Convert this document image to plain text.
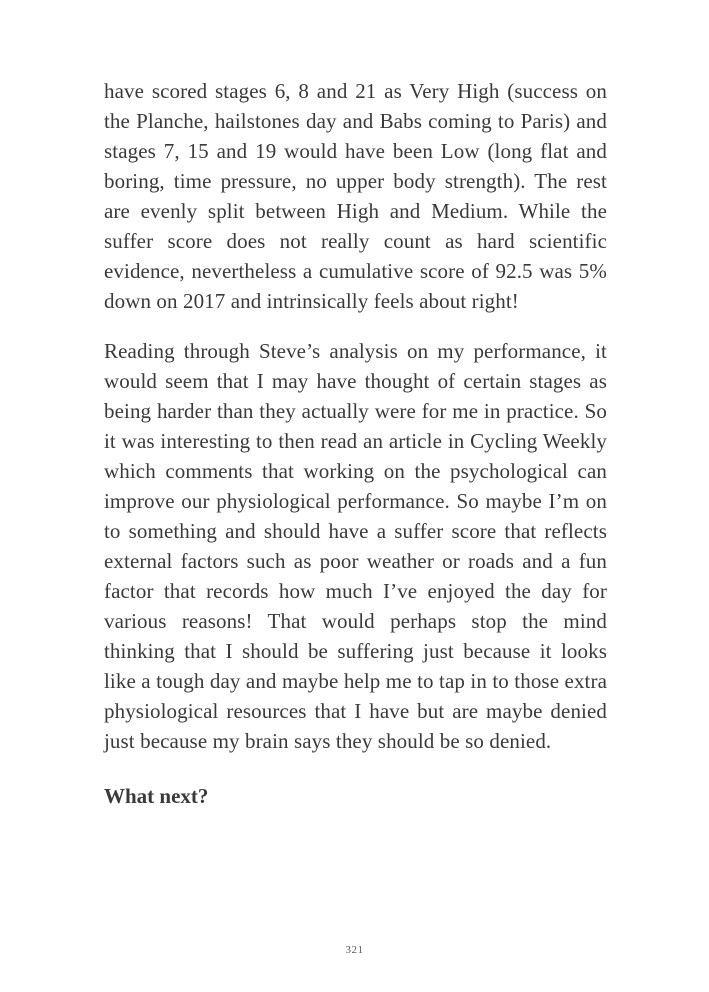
have scored stages 6, 8 and 21 as Very High (success on the Planche, hailstones day and Babs coming to Paris) and stages 7, 15 and 19 would have been Low (long flat and boring, time pressure, no upper body strength). The rest are evenly split between High and Medium. While the suffer score does not really count as hard scientific evidence, nevertheless a cumulative score of 92.5 was 5% down on 2017 and intrinsically feels about right!

Reading through Steve’s analysis on my performance, it would seem that I may have thought of certain stages as being harder than they actually were for me in practice. So it was interesting to then read an article in Cycling Weekly which comments that working on the psychological can improve our physiological performance. So maybe I’m on to something and should have a suffer score that reflects external factors such as poor weather or roads and a fun factor that records how much I’ve enjoyed the day for various reasons! That would perhaps stop the mind thinking that I should be suffering just because it looks like a tough day and maybe help me to tap in to those extra physiological resources that I have but are maybe denied just because my brain says they should be so denied.

What next?
321
